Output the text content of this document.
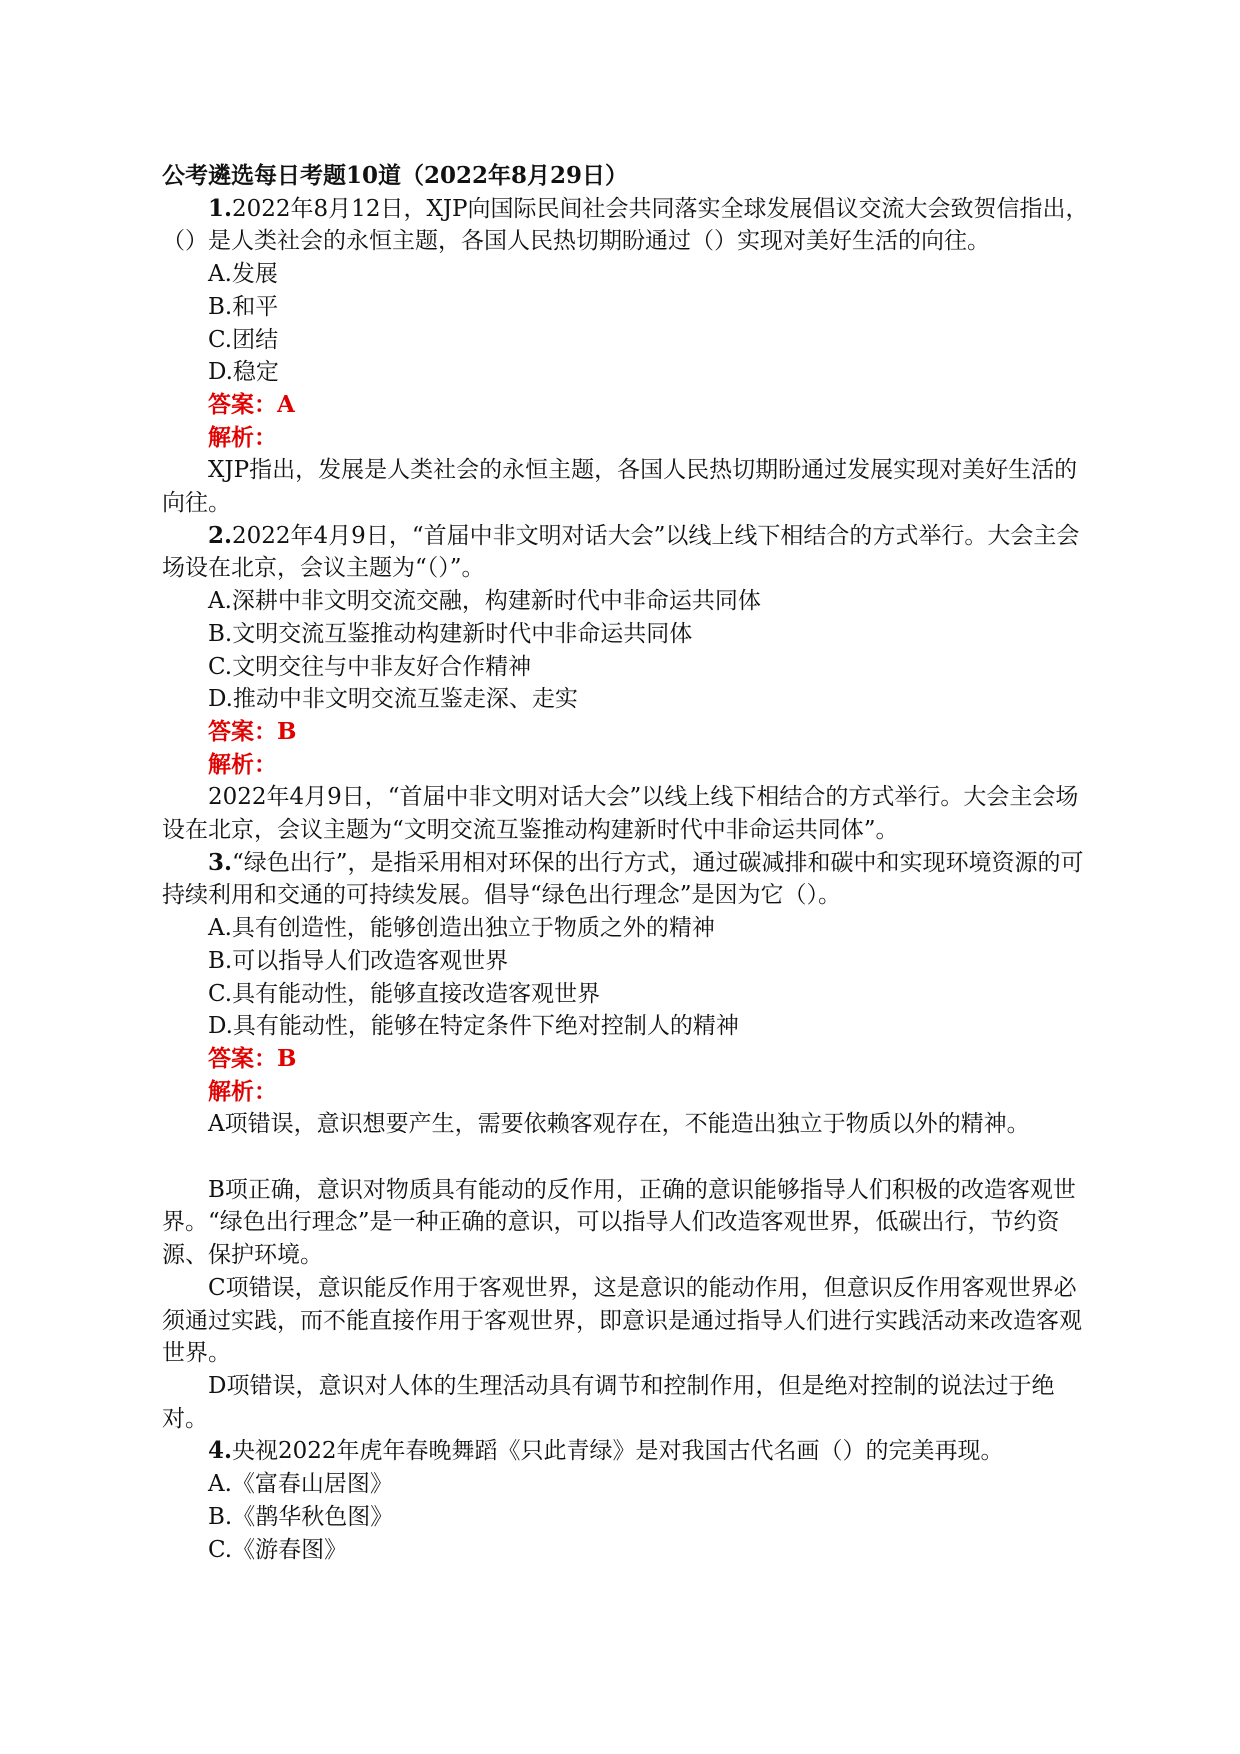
公考遴选每日考题10道（2022年8月29日）

1.2022年8月12日，XJP向国际民间社会共同落实全球发展倡议交流大会致贺信指出，（）是人类社会的永恒主题，各国人民热切期盼通过（）实现对美好生活的向往。

A.发展

B.和平

C.团结

D.稳定

答案：A

解析：

XJP指出，发展是人类社会的永恒主题，各国人民热切期盼通过发展实现对美好生活的向往。

2.2022年4月9日，“首届中非文明对话大会”以线上线下相结合的方式举行。大会主会场设在北京，会议主题为“（）”。

A.深耕中非文明交流交融，构建新时代中非命运共同体

B.文明交流互鉴推动构建新时代中非命运共同体

C.文明交往与中非友好合作精神

D.推动中非文明交流互鉴走深、走实

答案：B

解析：

2022年4月9日，“首届中非文明对话大会”以线上线下相结合的方式举行。大会主会场设在北京，会议主题为“文明交流互鉴推动构建新时代中非命运共同体”。

3.“绿色出行”，是指采用相对环保的出行方式，通过碳减排和碳中和实现环境资源的可持续利用和交通的可持续发展。倡导“绿色出行理念”是因为它（）。

A.具有创造性，能够创造出独立于物质之外的精神

B.可以指导人们改造客观世界

C.具有能动性，能够直接改造客观世界

D.具有能动性，能够在特定条件下绝对控制人的精神

答案：B

解析：

A项错误，意识想要产生，需要依赖客观存在，不能造出独立于物质以外的精神。

B项正确，意识对物质具有能动的反作用，正确的意识能够指导人们积极的改造客观世界。“绿色出行理念”是一种正确的意识，可以指导人们改造客观世界，低碳出行，节约资源、保护环境。

C项错误，意识能反作用于客观世界，这是意识的能动作用，但意识反作用客观世界必须通过实践，而不能直接作用于客观世界，即意识是通过指导人们进行实践活动来改造客观世界。

D项错误，意识对人体的生理活动具有调节和控制作用，但是绝对控制的说法过于绝对。

4.央视2022年虎年春晚舞蹈《只此青绿》是对我国古代名画（）的完美再现。

A.《富春山居图》

B.《鹊华秋色图》

C.《游春图》
